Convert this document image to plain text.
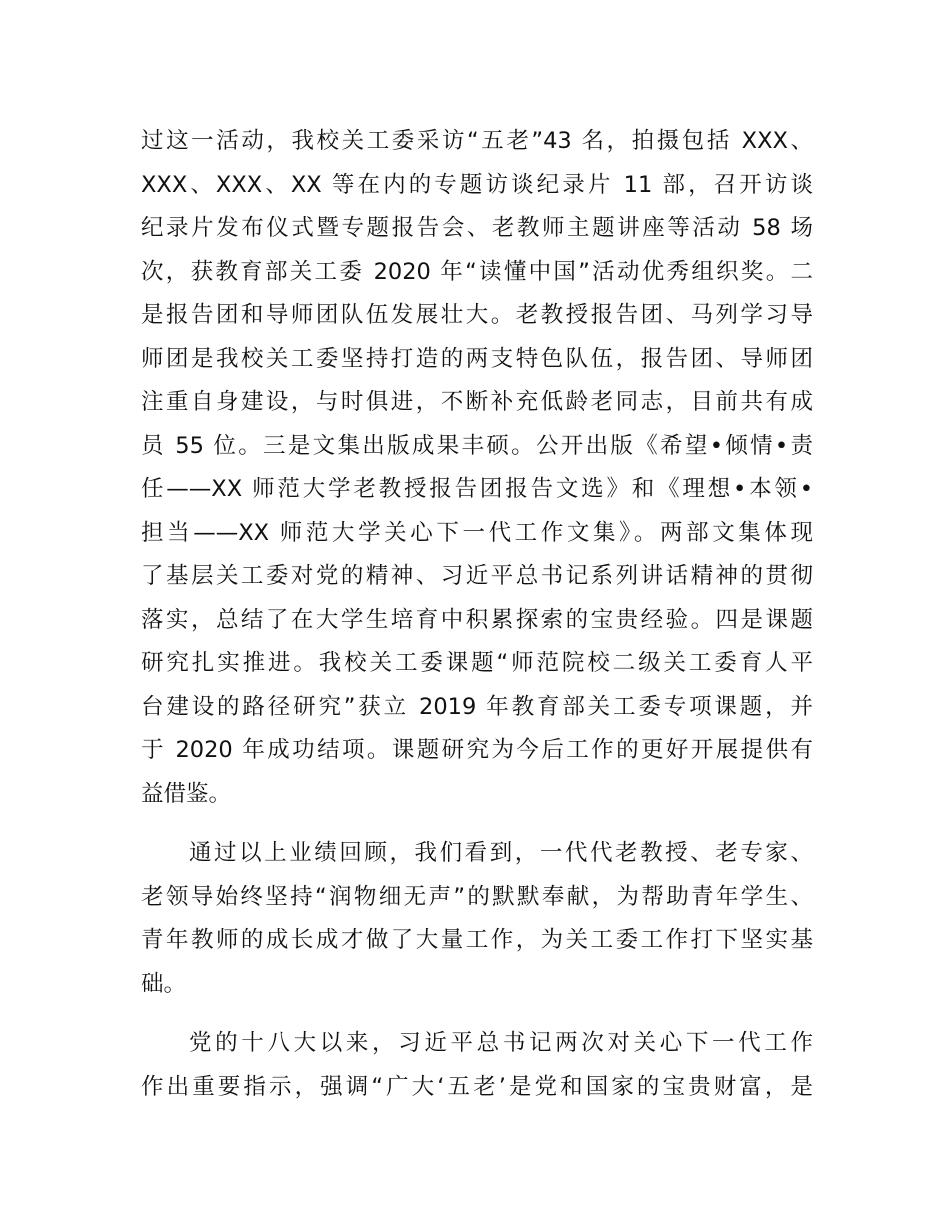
过这一活动，我校关工委采访“五老”43 名，拍摄包括 XXX、
XXX、XXX、XX 等在内的专题访谈纪录片 11 部，召开访谈
纪录片发布仪式暨专题报告会、老教师主题讲座等活动 58 场
次，获教育部关工委 2020 年“读懂中国”活动优秀组织奖。二
是报告团和导师团队伍发展壮大。老教授报告团、马列学习导
师团是我校关工委坚持打造的两支特色队伍，报告团、导师团
注重自身建设，与时俱进，不断补充低龄老同志，目前共有成
员 55 位。三是文集出版成果丰硕。公开出版《希望•倾情•责
任——XX 师范大学老教授报告团报告文选》和《理想•本领•
担当——XX 师范大学关心下一代工作文集》。两部文集体现
了基层关工委对党的精神、习近平总书记系列讲话精神的贯彻
落实，总结了在大学生培育中积累探索的宝贵经验。四是课题
研究扎实推进。我校关工委课题“师范院校二级关工委育人平
台建设的路径研究”获立 2019 年教育部关工委专项课题，并
于 2020 年成功结项。课题研究为今后工作的更好开展提供有
益借鉴。
通过以上业绩回顾，我们看到，一代代老教授、老专家、
老领导始终坚持“润物细无声”的默默奉献，为帮助青年学生、
青年教师的成长成才做了大量工作，为关工委工作打下坚实基
础。
党的十八大以来，习近平总书记两次对关心下一代工作
作出重要指示，强调“广大‘五老’是党和国家的宝贵财富，是
